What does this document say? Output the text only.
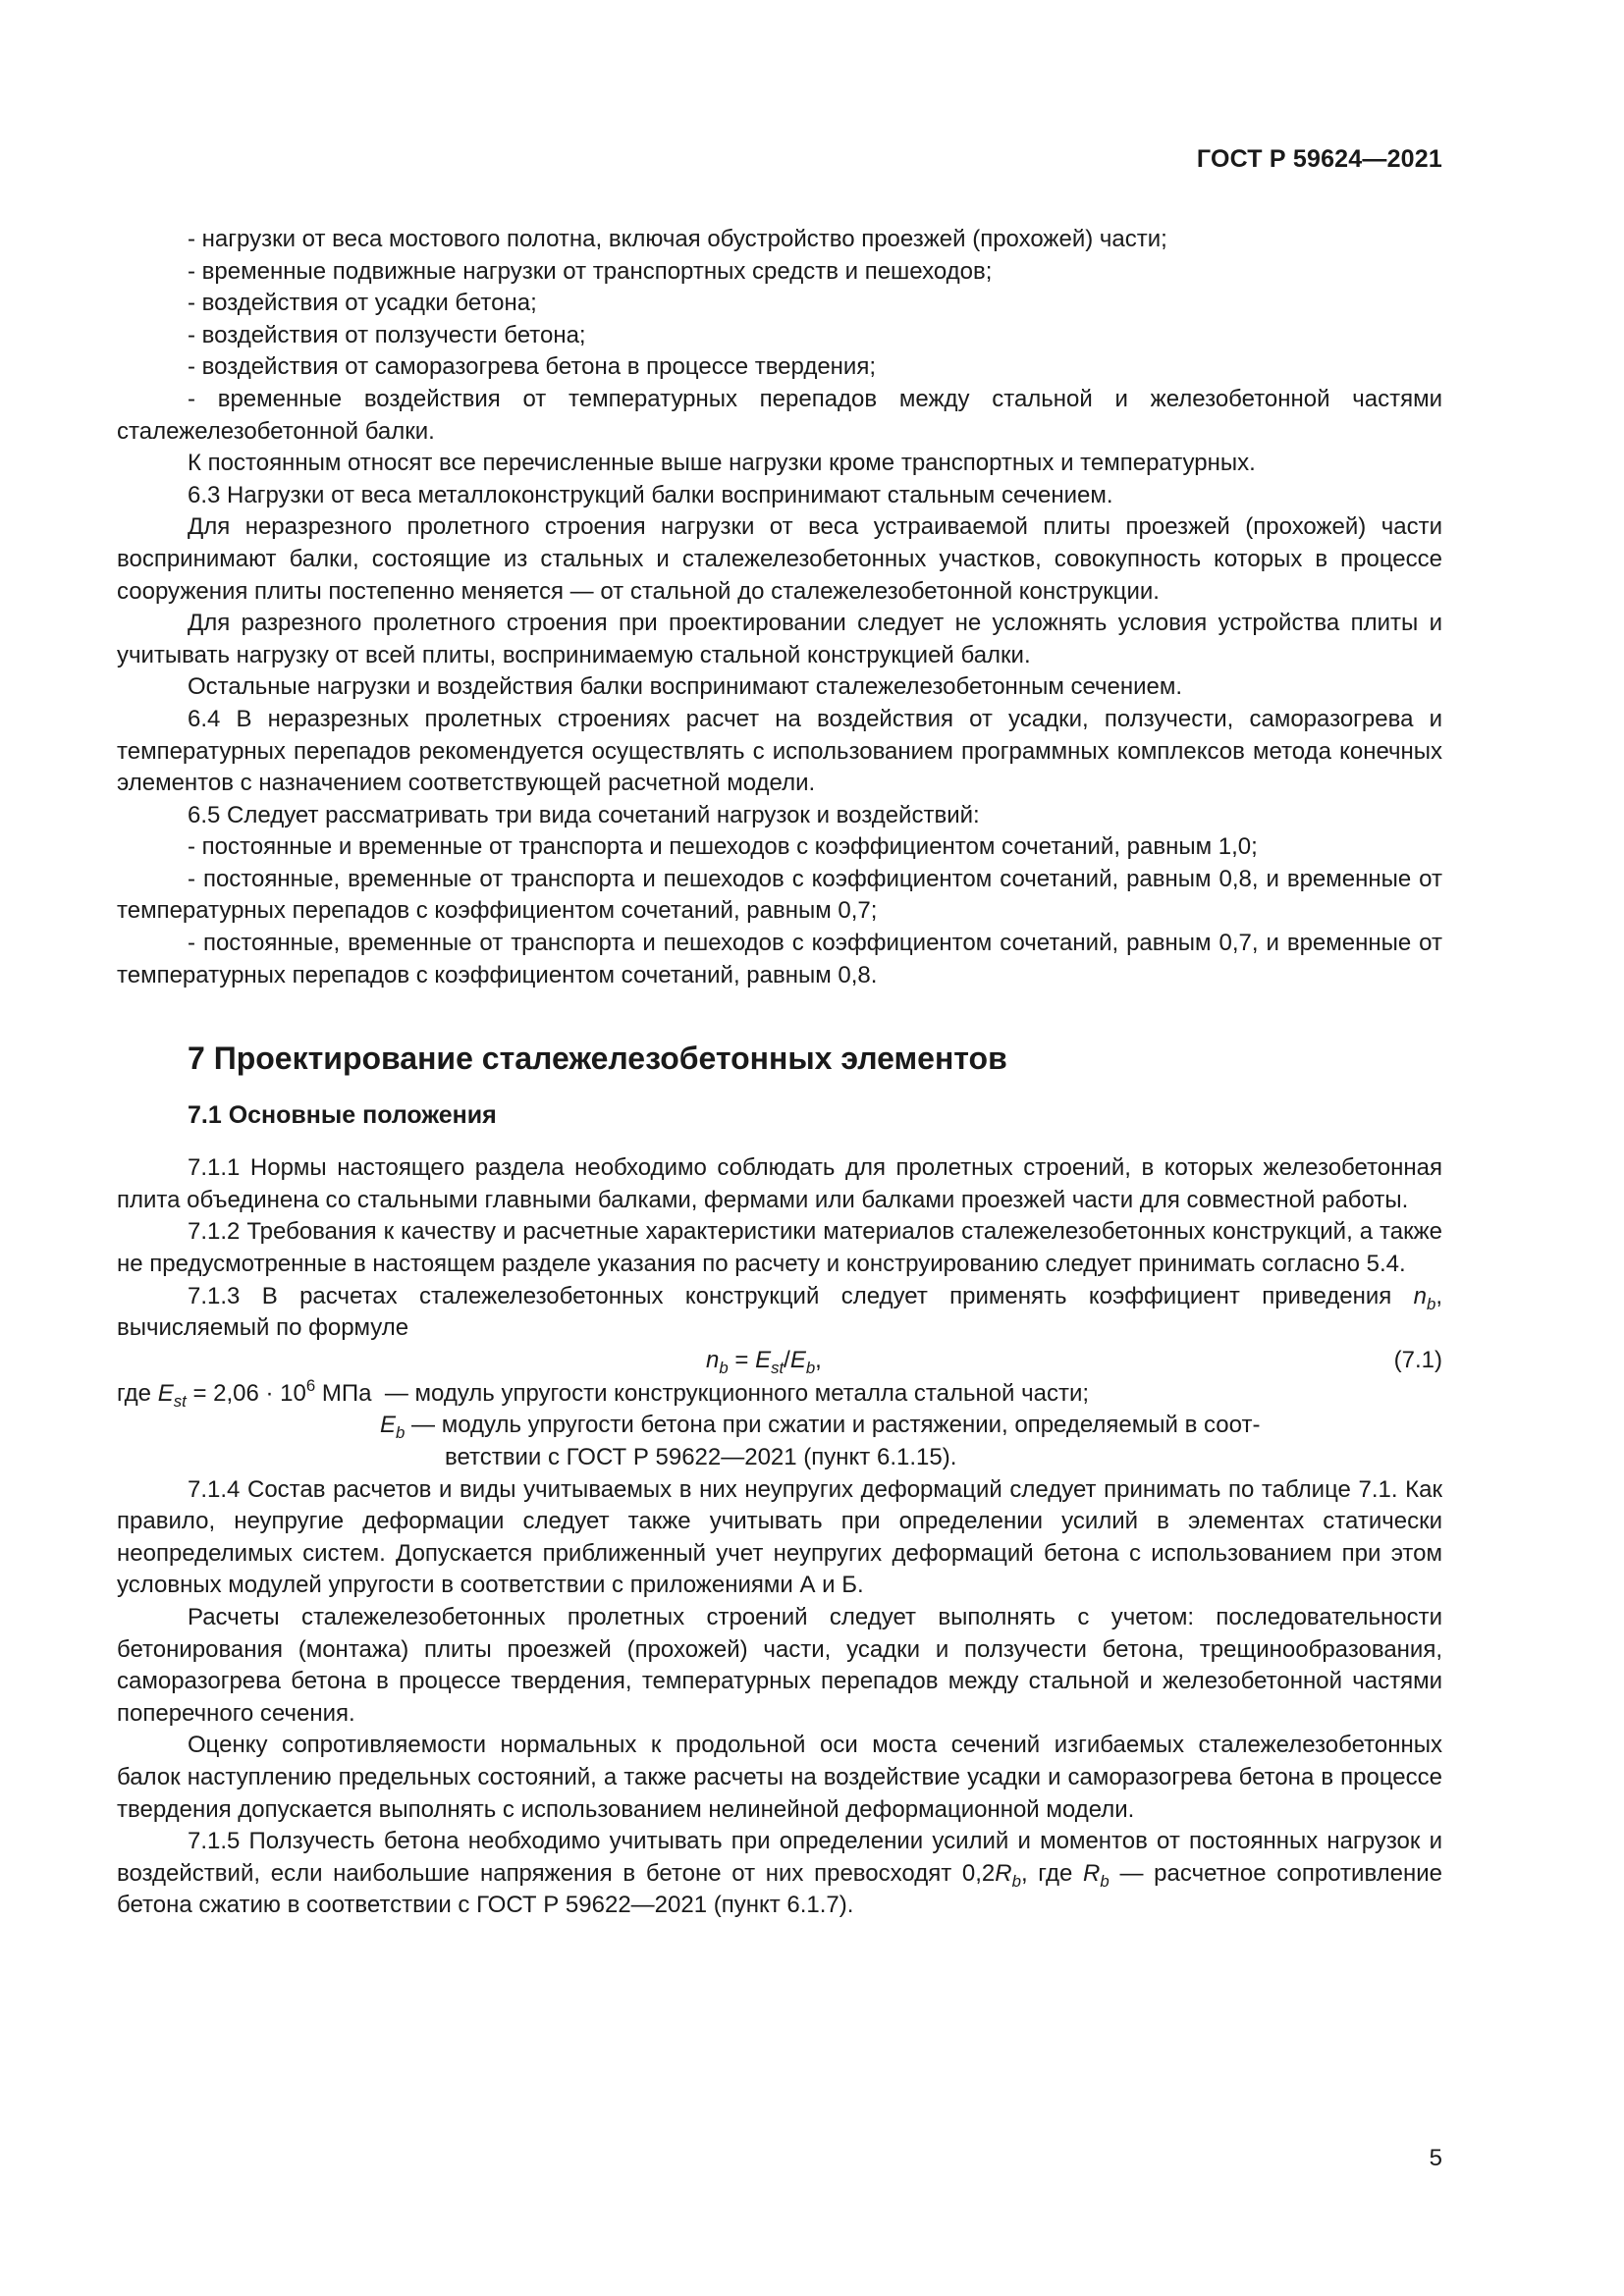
ГОСТ Р 59624—2021

- нагрузки от веса мостового полотна, включая обустройство проезжей (прохожей) части;

- временные подвижные нагрузки от транспортных средств и пешеходов;

- воздействия от усадки бетона;

- воздействия от ползучести бетона;

- воздействия от саморазогрева бетона в процессе твердения;

- временные воздействия от температурных перепадов между стальной и железобетонной частями сталежелезобетонной балки.

К постоянным относят все перечисленные выше нагрузки кроме транспортных и температурных.

6.3 Нагрузки от веса металлоконструкций балки воспринимают стальным сечением.

Для неразрезного пролетного строения нагрузки от веса устраиваемой плиты проезжей (прохожей) части воспринимают балки, состоящие из стальных и сталежелезобетонных участков, совокупность которых в процессе сооружения плиты постепенно меняется — от стальной до сталежелезобетонной конструкции.

Для разрезного пролетного строения при проектировании следует не усложнять условия устройства плиты и учитывать нагрузку от всей плиты, воспринимаемую стальной конструкцией балки.

Остальные нагрузки и воздействия балки воспринимают сталежелезобетонным сечением.

6.4 В неразрезных пролетных строениях расчет на воздействия от усадки, ползучести, саморазогрева и температурных перепадов рекомендуется осуществлять с использованием программных комплексов метода конечных элементов с назначением соответствующей расчетной модели.

6.5 Следует рассматривать три вида сочетаний нагрузок и воздействий:

- постоянные и временные от транспорта и пешеходов с коэффициентом сочетаний, равным 1,0;

- постоянные, временные от транспорта и пешеходов с коэффициентом сочетаний, равным 0,8, и временные от температурных перепадов с коэффициентом сочетаний, равным 0,7;

- постоянные, временные от транспорта и пешеходов с коэффициентом сочетаний, равным 0,7, и временные от температурных перепадов с коэффициентом сочетаний, равным 0,8.

7 Проектирование сталежелезобетонных элементов
7.1 Основные положения

7.1.1 Нормы настоящего раздела необходимо соблюдать для пролетных строений, в которых железобетонная плита объединена со стальными главными балками, фермами или балками проезжей части для совместной работы.

7.1.2 Требования к качеству и расчетные характеристики материалов сталежелезобетонных конструкций, а также не предусмотренные в настоящем разделе указания по расчету и конструированию следует принимать согласно 5.4.

7.1.3 В расчетах сталежелезобетонных конструкций следует применять коэффициент приведения $n_b$, вычисляемый по формуле

$n_b = E_{st}/E_b$,	(7.1)
где $E_{st} = 2,06 \cdot 10^6$ МПа — модуль упругости конструкционного металла стальной части;
$E_b$ — модуль упругости бетона при сжатии и растяжении, определяемый в соот-
ветствии с ГОСТ Р 59622—2021 (пункт 6.1.15).

7.1.4 Состав расчетов и виды учитываемых в них неупругих деформаций следует принимать по таблице 7.1. Как правило, неупругие деформации следует также учитывать при определении усилий в элементах статически неопределимых систем. Допускается приближенный учет неупругих деформаций бетона с использованием при этом условных модулей упругости в соответствии с приложениями А и Б.

Расчеты сталежелезобетонных пролетных строений следует выполнять с учетом: последовательности бетонирования (монтажа) плиты проезжей (прохожей) части, усадки и ползучести бетона, трещинообразования, саморазогрева бетона в процессе твердения, температурных перепадов между стальной и железобетонной частями поперечного сечения.

Оценку сопротивляемости нормальных к продольной оси моста сечений изгибаемых сталежелезобетонных балок наступлению предельных состояний, а также расчеты на воздействие усадки и саморазогрева бетона в процессе твердения допускается выполнять с использованием нелинейной деформационной модели.

7.1.5 Ползучесть бетона необходимо учитывать при определении усилий и моментов от постоянных нагрузок и воздействий, если наибольшие напряжения в бетоне от них превосходят $0,2R_b$, где $R_b$ — расчетное сопротивление бетона сжатию в соответствии с ГОСТ Р 59622—2021 (пункт 6.1.7).

5
